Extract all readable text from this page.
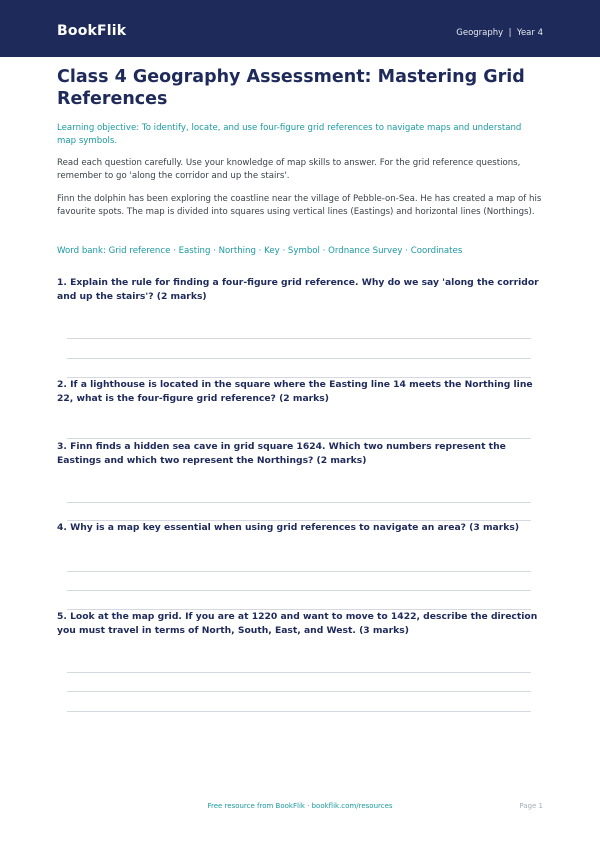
BookFlik	Geography  |  Year 4
Class 4 Geography Assessment: Mastering Grid References

Learning objective: To identify, locate, and use four-figure grid references to navigate maps and understand map symbols.

Read each question carefully. Use your knowledge of map skills to answer. For the grid reference questions, remember to go 'along the corridor and up the stairs'.

Finn the dolphin has been exploring the coastline near the village of Pebble-on-Sea. He has created a map of his favourite spots. The map is divided into squares using vertical lines (Eastings) and horizontal lines (Northings).

Word bank: Grid reference · Easting · Northing · Key · Symbol · Ordnance Survey · Coordinates

1. Explain the rule for finding a four-figure grid reference. Why do we say 'along the corridor and up the stairs'? (2 marks)

2. If a lighthouse is located in the square where the Easting line 14 meets the Northing line 22, what is the four-figure grid reference? (2 marks)

3. Finn finds a hidden sea cave in grid square 1624. Which two numbers represent the Eastings and which two represent the Northings? (2 marks)

4. Why is a map key essential when using grid references to navigate an area? (3 marks)

5. Look at the map grid. If you are at 1220 and want to move to 1422, describe the direction you must travel in terms of North, South, East, and West. (3 marks)

Free resource from BookFlik · bookflik.com/resources	Page 1
